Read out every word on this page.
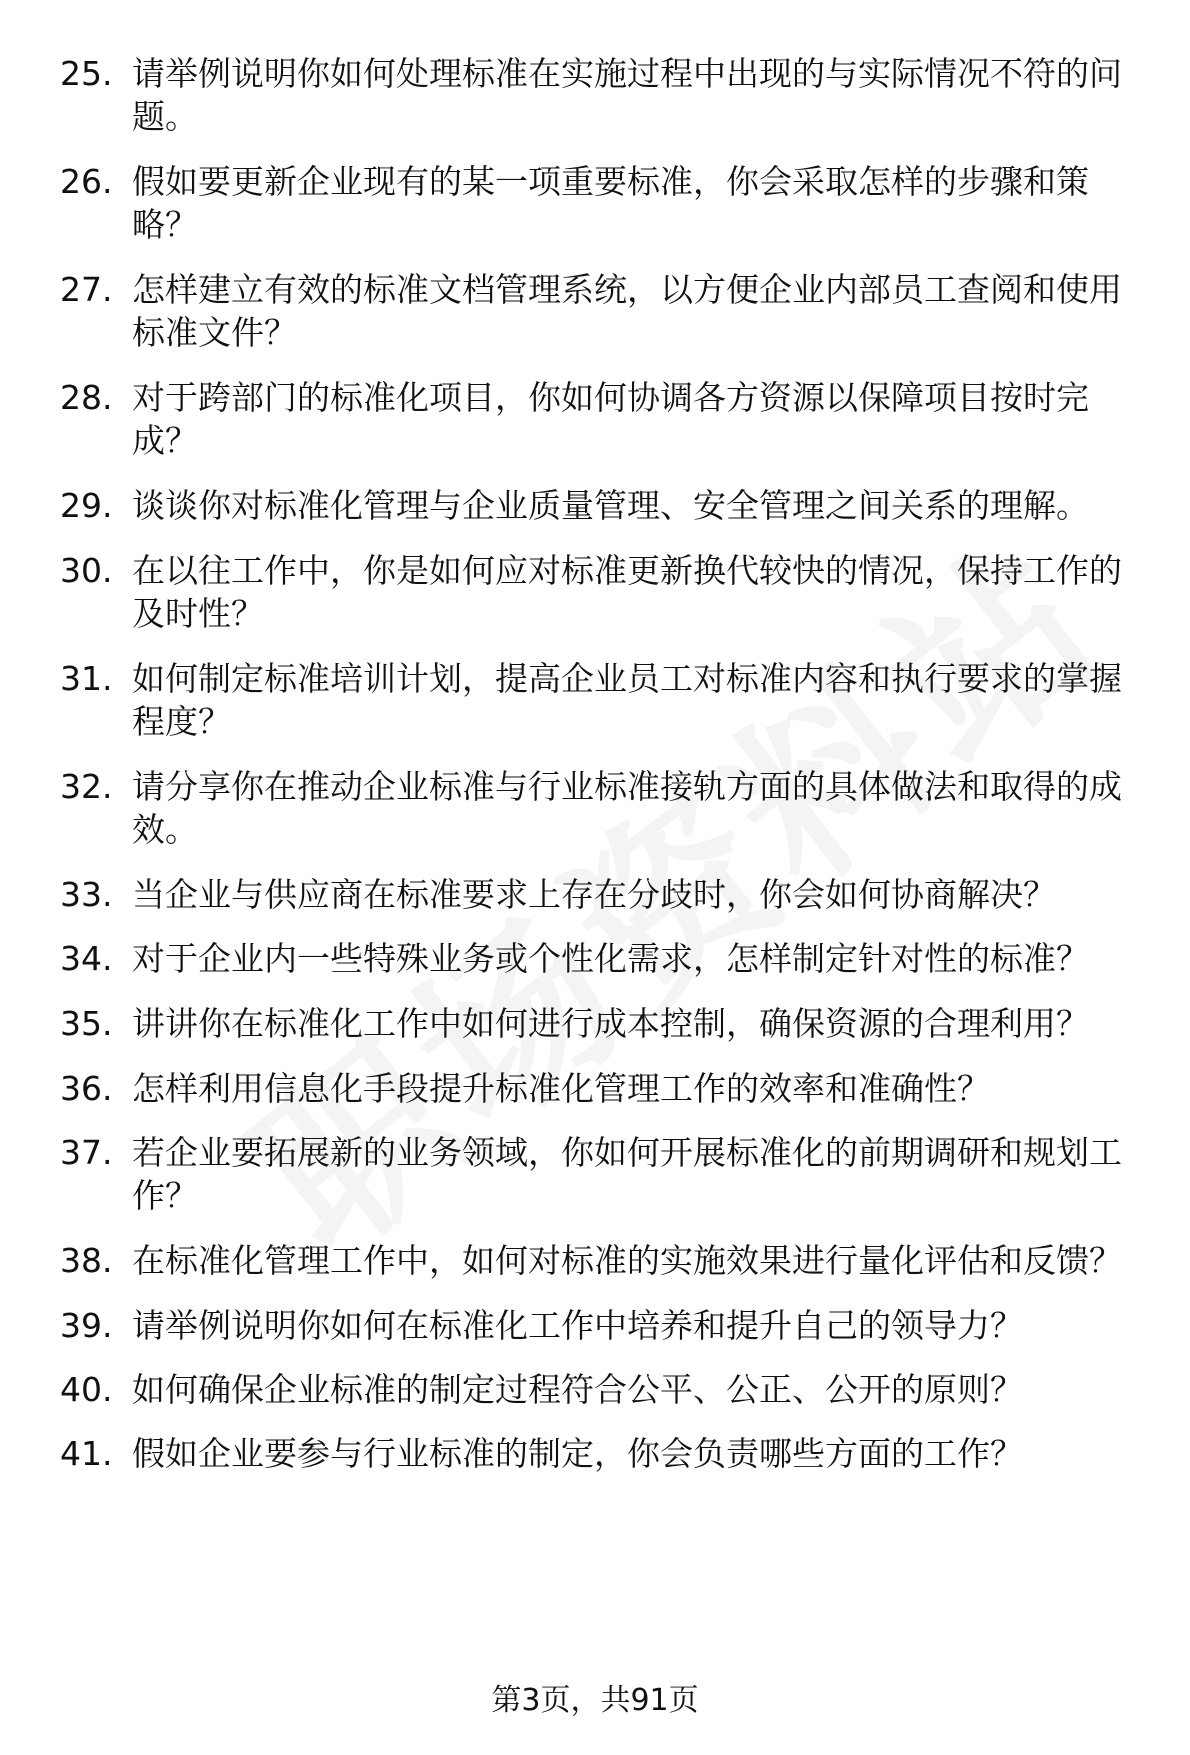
25. 请举例说明你如何处理标准在实施过程中出现的与实际情况不符的问题。
26. 假如要更新企业现有的某一项重要标准，你会采取怎样的步骤和策略？
27. 怎样建立有效的标准文档管理系统，以方便企业内部员工查阅和使用标准文件？
28. 对于跨部门的标准化项目，你如何协调各方资源以保障项目按时完成？
29. 谈谈你对标准化管理与企业质量管理、安全管理之间关系的理解。
30. 在以往工作中，你是如何应对标准更新换代较快的情况，保持工作的及时性？
31. 如何制定标准培训计划，提高企业员工对标准内容和执行要求的掌握程度？
32. 请分享你在推动企业标准与行业标准接轨方面的具体做法和取得的成效。
33. 当企业与供应商在标准要求上存在分歧时，你会如何协商解决？
34. 对于企业内一些特殊业务或个性化需求，怎样制定针对性的标准？
35. 讲讲你在标准化工作中如何进行成本控制，确保资源的合理利用？
36. 怎样利用信息化手段提升标准化管理工作的效率和准确性？
37. 若企业要拓展新的业务领域，你如何开展标准化的前期调研和规划工作？
38. 在标准化管理工作中，如何对标准的实施效果进行量化评估和反馈？
39. 请举例说明你如何在标准化工作中培养和提升自己的领导力？
40. 如何确保企业标准的制定过程符合公平、公正、公开的原则？
41. 假如企业要参与行业标准的制定，你会负责哪些方面的工作？
第3页，共91页
